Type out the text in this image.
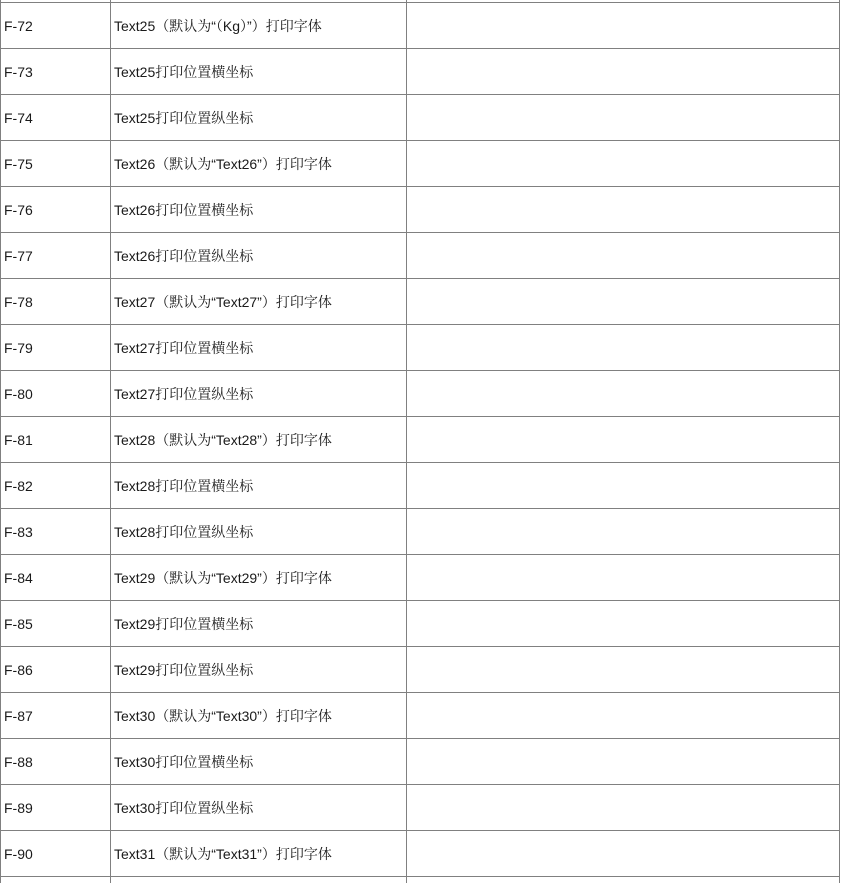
F-72	Text25（默认为“（Kg）”）打印字体
F-73	Text25打印位置横坐标
F-74	Text25打印位置纵坐标
F-75	Text26（默认为“Text26”）打印字体
F-76	Text26打印位置横坐标
F-77	Text26打印位置纵坐标
F-78	Text27（默认为“Text27”）打印字体
F-79	Text27打印位置横坐标
F-80	Text27打印位置纵坐标
F-81	Text28（默认为“Text28”）打印字体
F-82	Text28打印位置横坐标
F-83	Text28打印位置纵坐标
F-84	Text29（默认为“Text29”）打印字体
F-85	Text29打印位置横坐标
F-86	Text29打印位置纵坐标
F-87	Text30（默认为“Text30”）打印字体
F-88	Text30打印位置横坐标
F-89	Text30打印位置纵坐标
F-90	Text31（默认为“Text31”）打印字体
